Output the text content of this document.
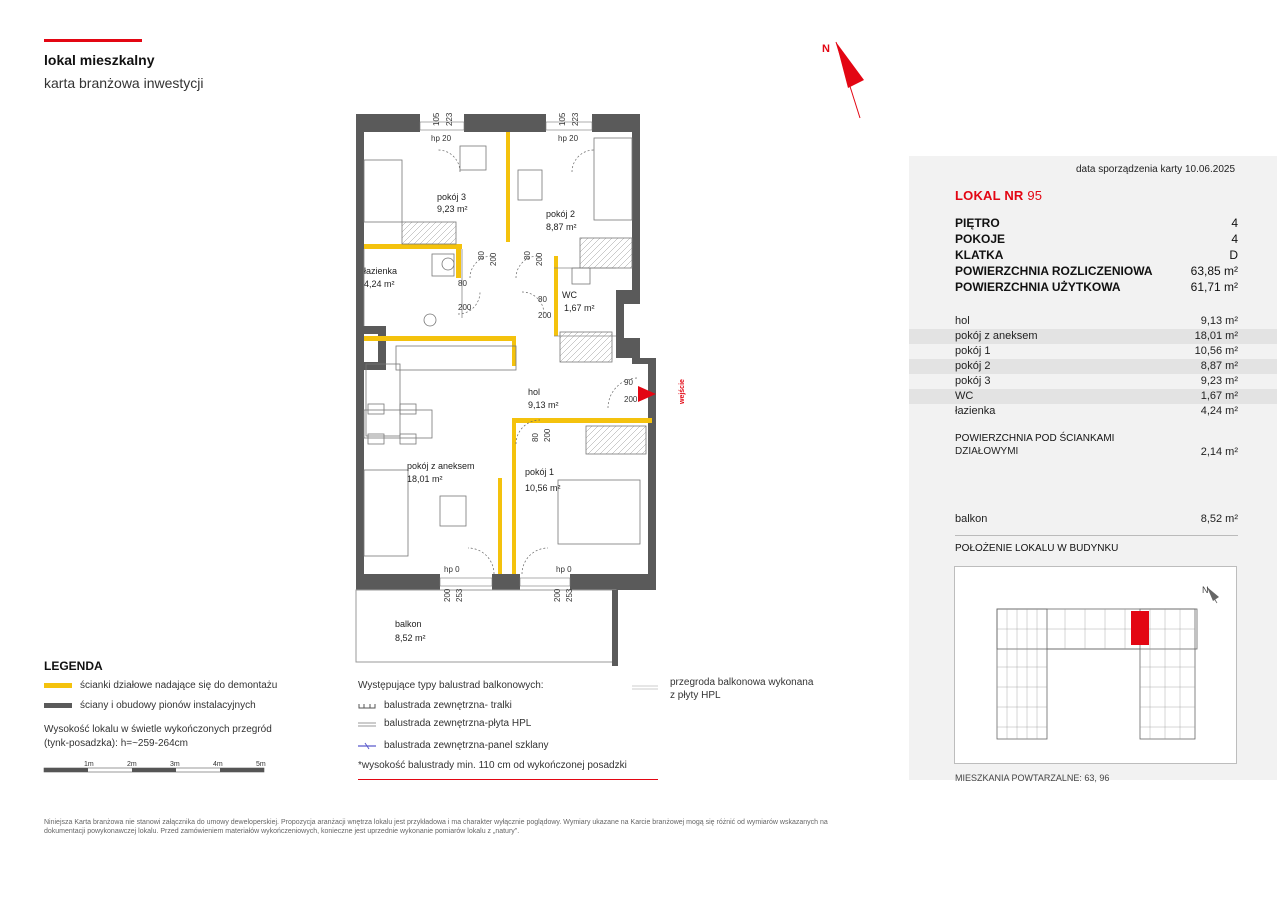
lokal mieszkalny
karta branżowa inwestycji
N
pokój 3
9,23 m²	pokój 2
8,87 m²
łazienka
4,24 m²
WC
1,67 m²
hol
9,13 m²
pokój z aneksem
18,01 m²
pokój 1
10,56 m²
balkon
8,52 m²
hp 20	hp 20
hp 0	hp 0
80
200
80
200
90
200
105 223	105 223
200 253	200 253
80 200	80 200
80 200
wejście
data sporządzenia karty 10.06.2025
LOKAL NR 95
PIĘTRO	4
POKOJE	4
KLATKA	D
POWIERZCHNIA ROZLICZENIOWA	63,85 m²
POWIERZCHNIA UŻYTKOWA	61,71 m²
hol	9,13 m²
pokój z aneksem	18,01 m²
pokój 1	10,56 m²
pokój 2	8,87 m²
pokój 3	9,23 m²
WC	1,67 m²
łazienka	4,24 m²
POWIERZCHNIA POD ŚCIANKAMI
DZIAŁOWYMI	2,14 m²
balkon	8,52 m²
POŁOŻENIE LOKALU W BUDYNKU
N
MIESZKANIA POWTARZALNE: 63, 96
LEGENDA
ścianki działowe nadające się do demontażu
ściany i obudowy pionów instalacyjnych
Wysokość lokalu w świetle wykończonych przegród
(tynk-posadzka): h=~259-264cm
1m	2m	3m	4m	5m
Występujące typy balustrad balkonowych:
balustrada zewnętrzna- tralki
balustrada zewnętrzna-płyta HPL
balustrada zewnętrzna-panel szklany
*wysokość balustrady min. 110 cm od wykończonej posadzki
przegroda balkonowa wykonana
z płyty HPL
Niniejsza Karta branżowa nie stanowi załącznika do umowy deweloperskiej. Propozycja aranżacji wnętrza lokalu jest przykładowa i ma charakter wyłącznie poglądowy. Wymiary ukazane na Karcie branżowej mogą się różnić od wymiarów wskazanych na dokumentacji powykonawczej lokalu. Przed zamówieniem materiałów wykończeniowych, konieczne jest uprzednie wykonanie pomiarów lokalu z „natury".
